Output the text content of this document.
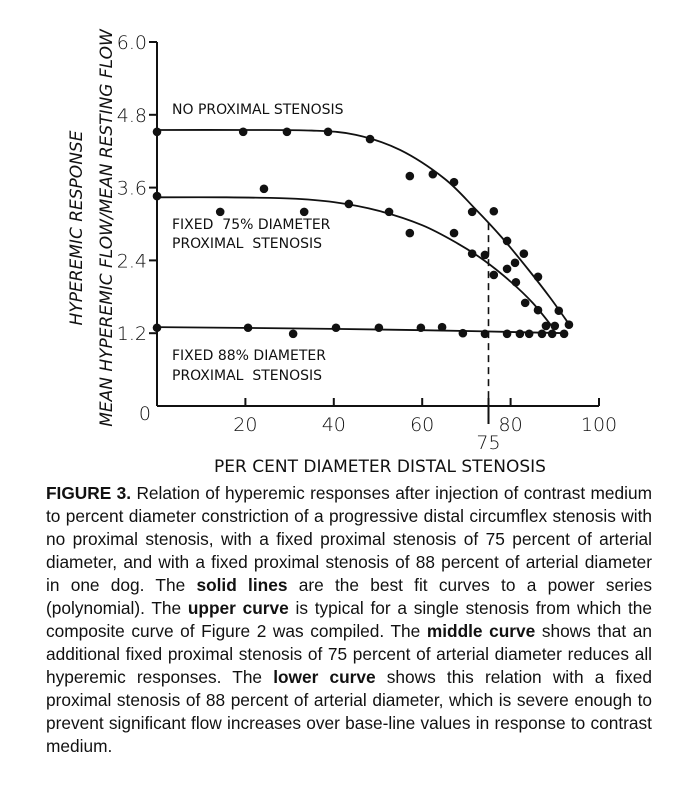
0
1.2
2.4
3.6
4.8
6.0
20	40	60	80	100
75
NO PROXIMAL STENOSIS
FIXED  75% DIAMETER
PROXIMAL  STENOSIS
FIXED 88% DIAMETER
PROXIMAL  STENOSIS
HYPEREMIC RESPONSE MEAN HYPEREMIC FLOW/MEAN RESTING FLOW
PER CENT DIAMETER DISTAL STENOSIS
FIGURE 3. Relation of hyperemic responses after injection of contrast medium to percent diameter constriction of a progressive distal circumflex stenosis with no proximal stenosis, with a fixed proximal stenosis of 75 percent of arterial diameter, and with a fixed proximal stenosis of 88 percent of arterial diameter in one dog. The solid lines are the best fit curves to a power series (polynomial). The upper curve is typical for a single stenosis from which the composite curve of Figure 2 was compiled. The middle curve shows that an additional fixed proximal stenosis of 75 percent of arterial diameter reduces all hyperemic responses. The lower curve shows this relation with a fixed proximal stenosis of 88 percent of arterial diameter, which is severe enough to prevent significant flow increases over base-line values in response to contrast medium.
